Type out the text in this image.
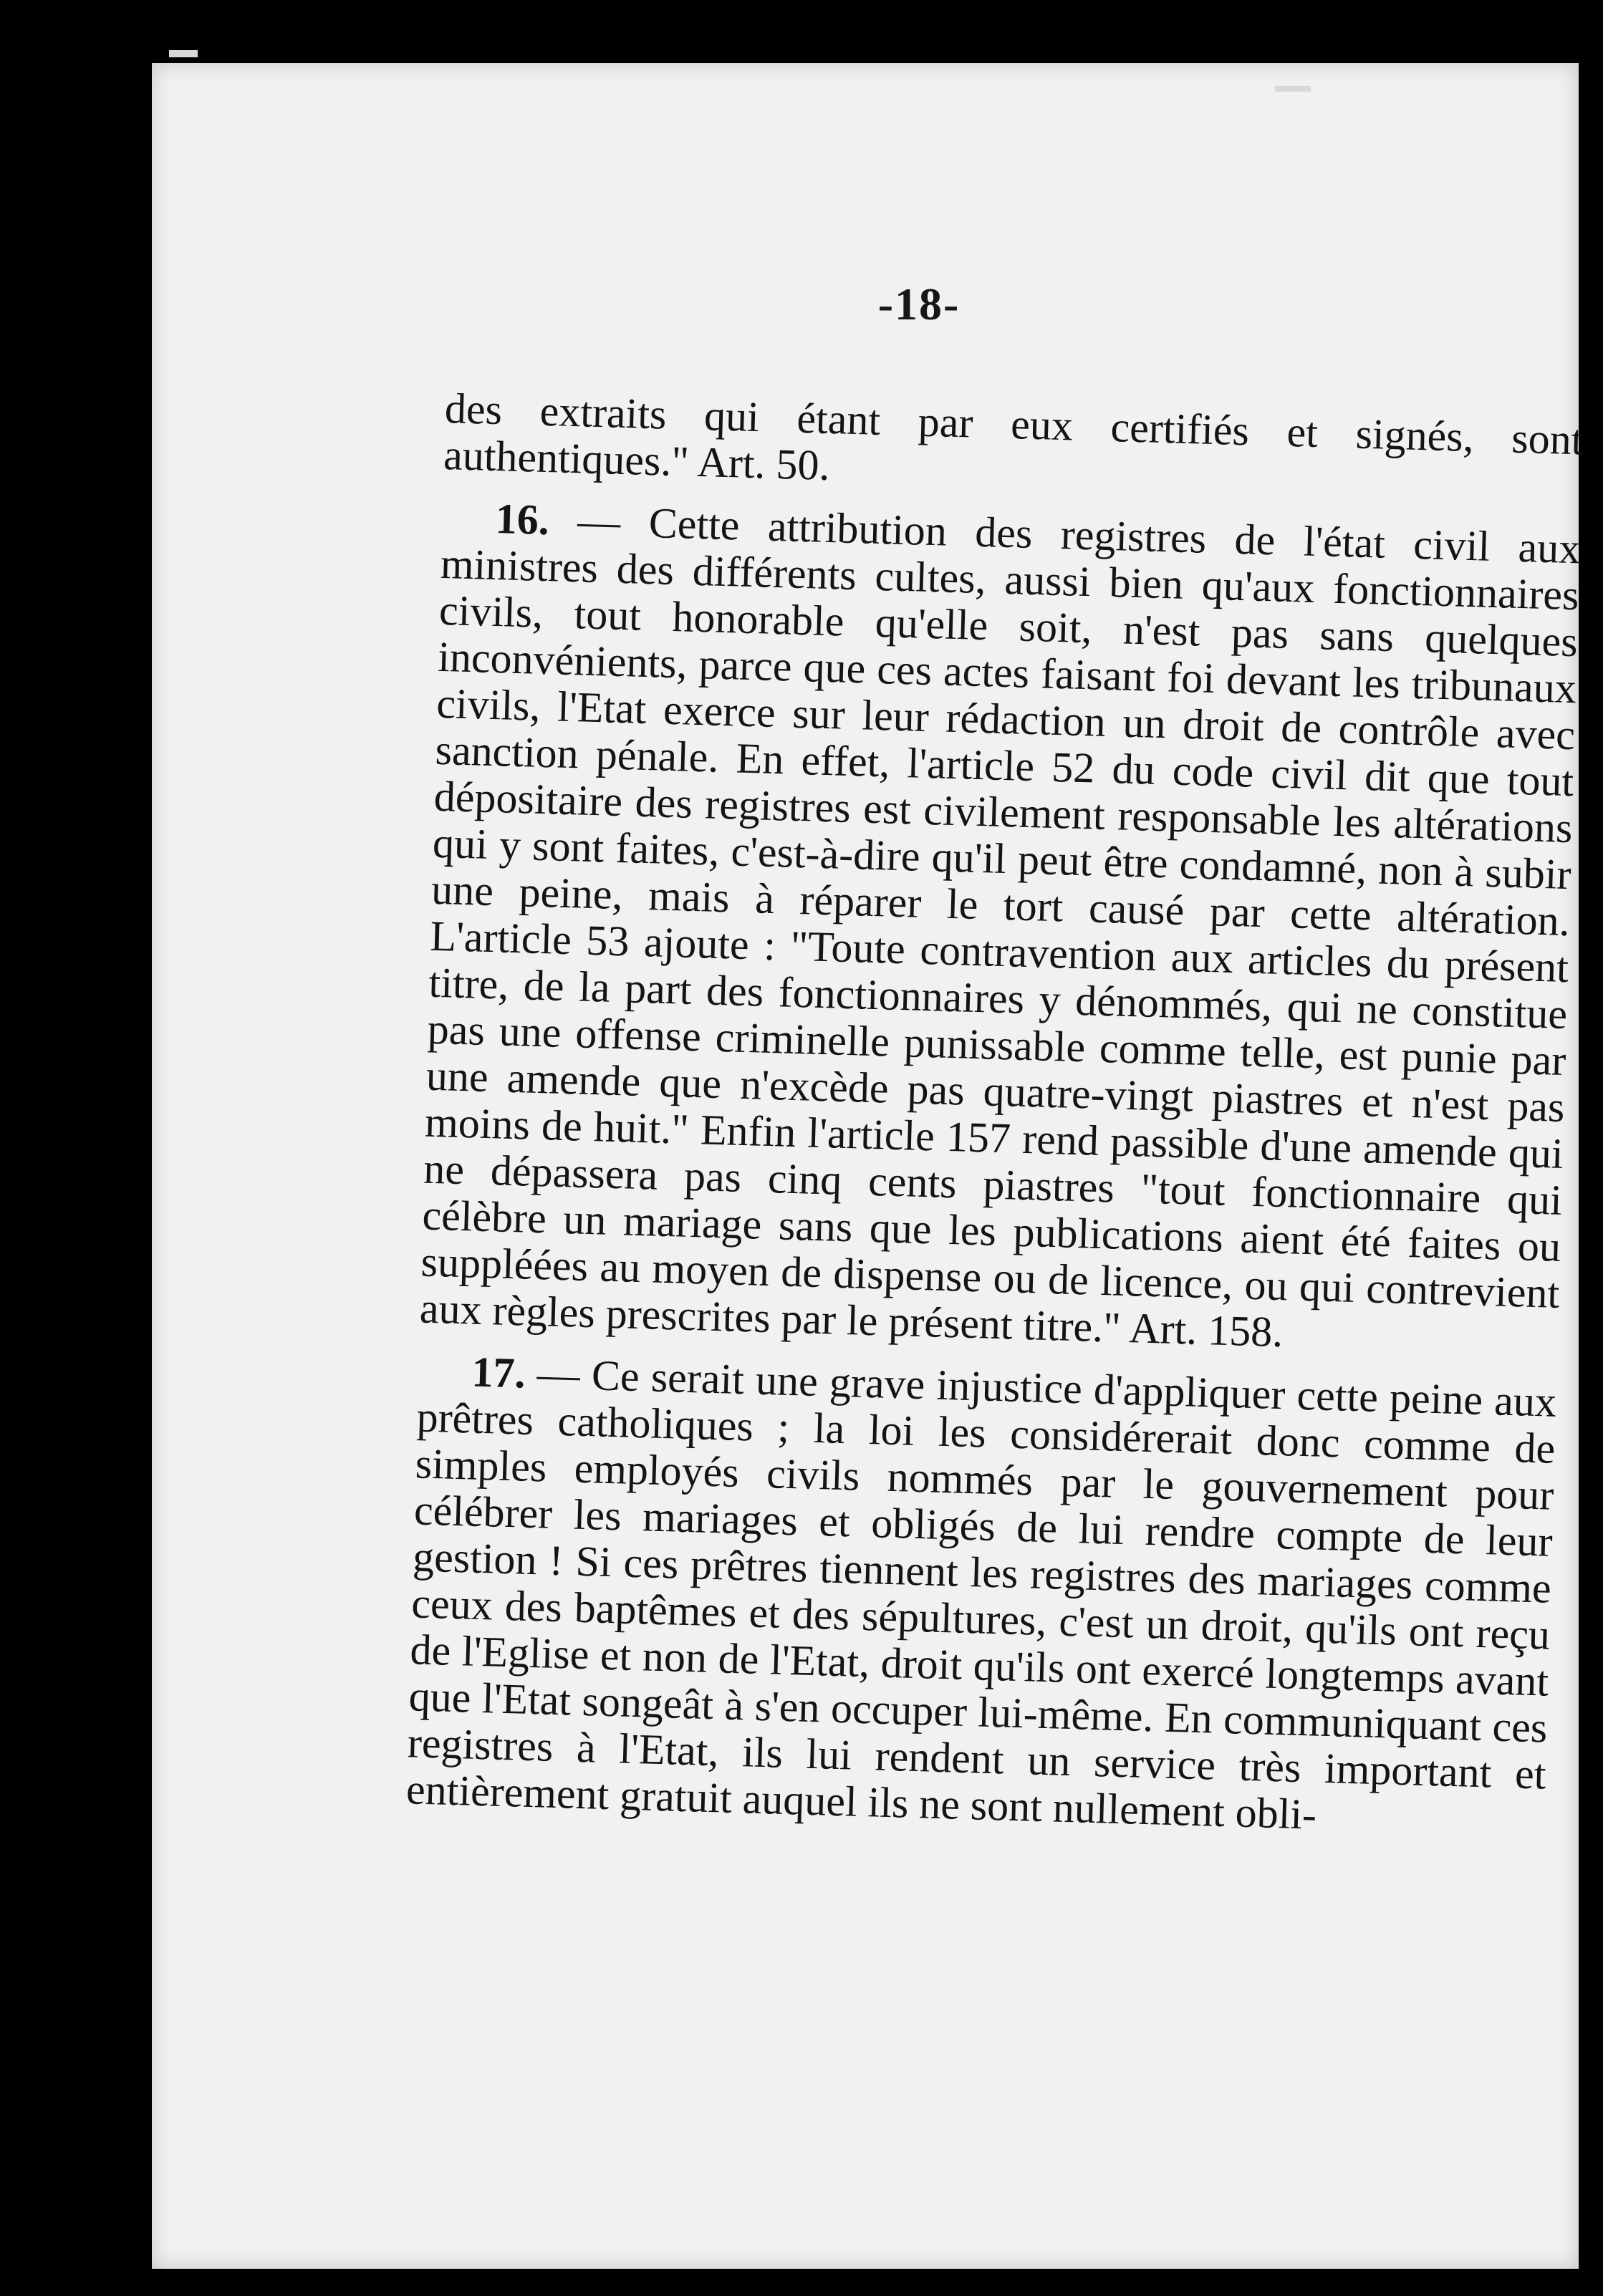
-18-

des extraits qui étant par eux certifiés et signés, sont authentiques." Art. 50.

16. — Cette attribution des registres de l'état civil aux ministres des différents cultes, aussi bien qu'aux fonctionnaires civils, tout honorable qu'elle soit, n'est pas sans quelques inconvénients, parce que ces actes faisant foi devant les tribunaux civils, l'Etat exerce sur leur rédaction un droit de contrôle avec sanction pénale. En effet, l'article 52 du code civil dit que tout dépositaire des registres est civilement responsable les altérations qui y sont faites, c'est-à-dire qu'il peut être condamné, non à subir une peine, mais à réparer le tort causé par cette altération. L'article 53 ajoute : "Toute contravention aux articles du présent titre, de la part des fonctionnaires y dénommés, qui ne constitue pas une offense criminelle punissable comme telle, est punie par une amende que n'excède pas quatre-vingt piastres et n'est pas moins de huit." Enfin l'article 157 rend passible d'une amende qui ne dépassera pas cinq cents piastres "tout fonctionnaire qui célèbre un mariage sans que les publications aient été faites ou suppléées au moyen de dispense ou de licence, ou qui contrevient aux règles prescrites par le présent titre." Art. 158.

17. — Ce serait une grave injustice d'appliquer cette peine aux prêtres catholiques ; la loi les considérerait donc comme de simples employés civils nommés par le gouvernement pour célébrer les mariages et obligés de lui rendre compte de leur gestion ! Si ces prêtres tiennent les registres des mariages comme ceux des baptêmes et des sépultures, c'est un droit, qu'ils ont reçu de l'Eglise et non de l'Etat, droit qu'ils ont exercé longtemps avant que l'Etat songeât à s'en occuper lui-même. En communiquant ces registres à l'Etat, ils lui rendent un service très important et entièrement gratuit auquel ils ne sont nullement obli-
